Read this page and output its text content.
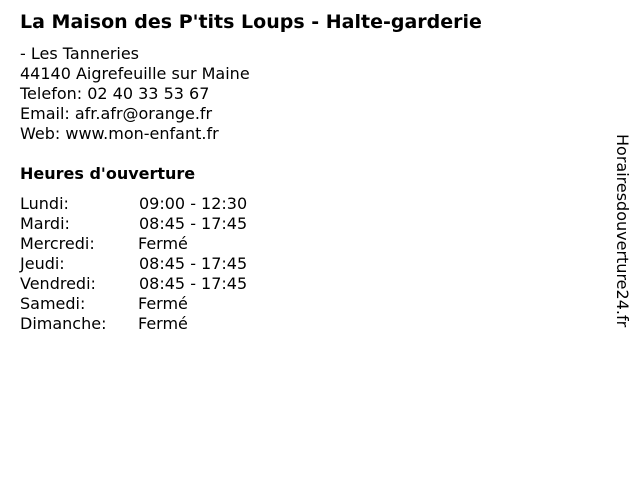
La Maison des P'tits Loups - Halte-garderie
- Les Tanneries
44140 Aigrefeuille sur Maine
Telefon: 02 40 33 53 67
Email: afr.afr@orange.fr
Web: www.mon-enfant.fr
Heures d'ouverture
Lundi:	09:00 - 12:30
Mardi:	08:45 - 17:45
Mercredi:	Fermé
Jeudi:	08:45 - 17:45
Vendredi:	08:45 - 17:45
Samedi:	Fermé
Dimanche: Fermé	Horairesdouverture24.fr
